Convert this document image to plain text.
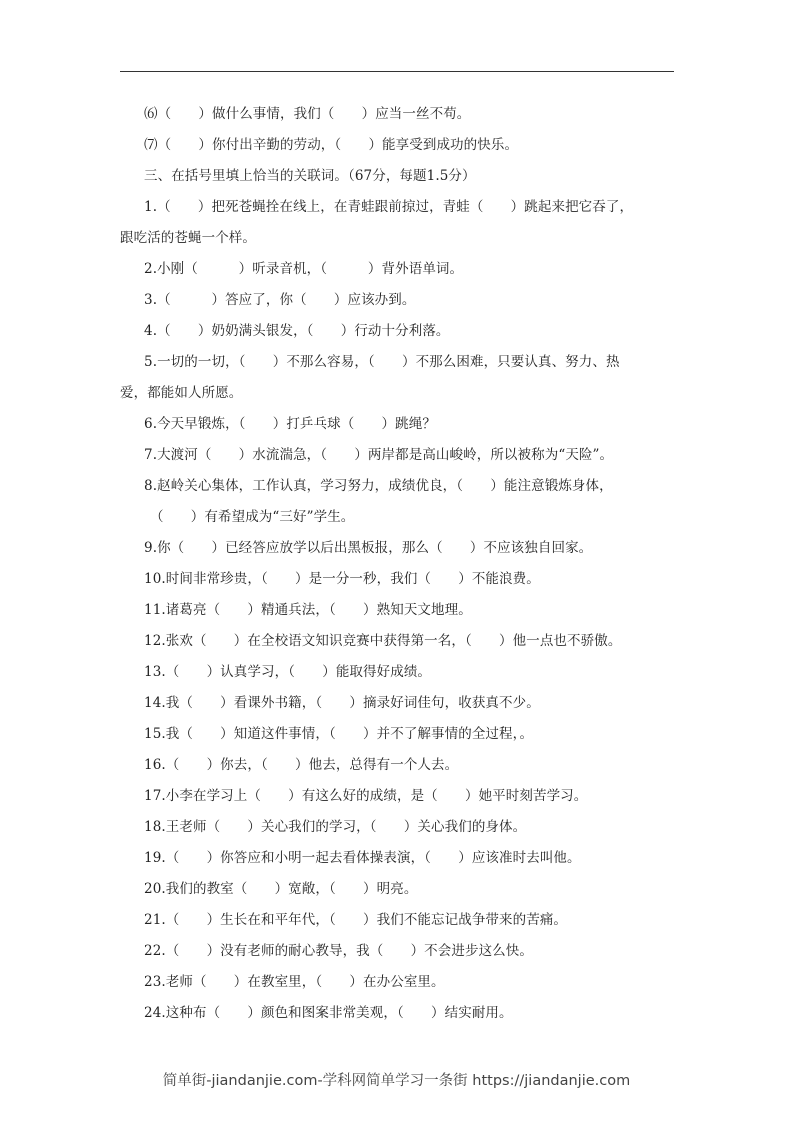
⑹（　　）做什么事情，我们（　　）应当一丝不苟。
⑺（　　）你付出辛勤的劳动，（　　）能享受到成功的快乐。
三、在括号里填上恰当的关联词。（67分，每题1.5分）
1.（　　）把死苍蝇拴在线上，在青蛙跟前掠过，青蛙（　　）跳起来把它吞了，
跟吃活的苍蝇一个样。
2.小刚（　　　）听录音机，（　　　）背外语单词。
3.（　　　）答应了，你（　　）应该办到。
4.（　　）奶奶满头银发，（　　）行动十分利落。
5.一切的一切，（　　）不那么容易，（　　）不那么困难，只要认真、努力、热
爱，都能如人所愿。
6.今天早锻炼，（　　）打乒乓球（　　）跳绳？
7.大渡河（　　）水流湍急，（　　）两岸都是高山峻岭，所以被称为“天险”。
8.赵岭关心集体，工作认真，学习努力，成绩优良，（　　）能注意锻炼身体，
（　　）有希望成为“三好”学生。
9.你（　　）已经答应放学以后出黑板报，那么（　　）不应该独自回家。
10.时间非常珍贵，（　　）是一分一秒，我们（　　）不能浪费。
11.诸葛亮（　　）精通兵法，（　　）熟知天文地理。
12.张欢（　　）在全校语文知识竞赛中获得第一名，（　　）他一点也不骄傲。
13.（　　）认真学习，（　　）能取得好成绩。
14.我（　　）看课外书籍，（　　）摘录好词佳句，收获真不少。
15.我（　　）知道这件事情，（　　）并不了解事情的全过程，。
16.（　　）你去，（　　）他去，总得有一个人去。
17.小李在学习上（　　）有这么好的成绩，是（　　）她平时刻苦学习。
18.王老师（　　）关心我们的学习，（　　）关心我们的身体。
19.（　　）你答应和小明一起去看体操表演，（　　）应该准时去叫他。
20.我们的教室（　　）宽敞，（　　）明亮。
21.（　　）生长在和平年代，（　　）我们不能忘记战争带来的苦痛。
22.（　　）没有老师的耐心教导，我（　　）不会进步这么快。
23.老师（　　）在教室里，（　　）在办公室里。
24.这种布（　　）颜色和图案非常美观，（　　）结实耐用。
简单街-jiandanjie.com-学科网简单学习一条街 https://jiandanjie.com
